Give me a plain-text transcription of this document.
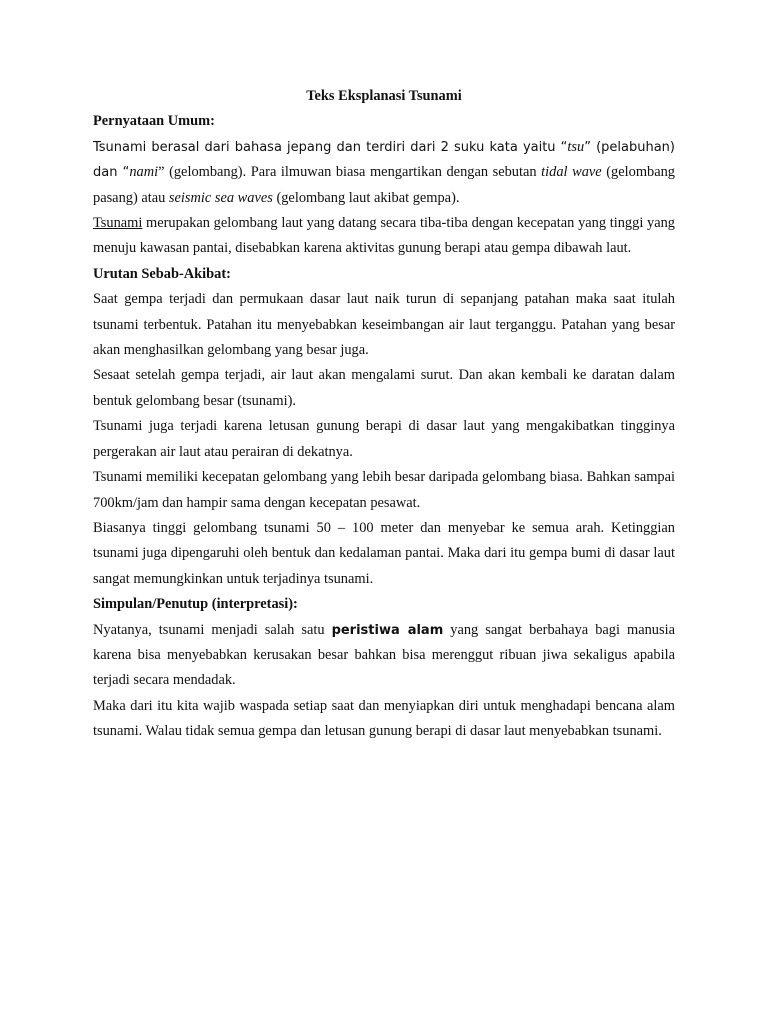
Teks Eksplanasi Tsunami

Pernyataan Umum:

Tsunami berasal dari bahasa jepang dan terdiri dari 2 suku kata yaitu “tsu” (pelabuhan) dan “nami” (gelombang). Para ilmuwan biasa mengartikan dengan sebutan tidal wave (gelombang pasang) atau seismic sea waves (gelombang laut akibat gempa).

Tsunami merupakan gelombang laut yang datang secara tiba-tiba dengan kecepatan yang tinggi yang menuju kawasan pantai, disebabkan karena aktivitas gunung berapi atau gempa dibawah laut.

Urutan Sebab-Akibat:

Saat gempa terjadi dan permukaan dasar laut naik turun di sepanjang patahan maka saat itulah tsunami terbentuk. Patahan itu menyebabkan keseimbangan air laut terganggu. Patahan yang besar akan menghasilkan gelombang yang besar juga.

Sesaat setelah gempa terjadi, air laut akan mengalami surut. Dan akan kembali ke daratan dalam bentuk gelombang besar (tsunami).

Tsunami juga terjadi karena letusan gunung berapi di dasar laut yang mengakibatkan tingginya pergerakan air laut atau perairan di dekatnya.

Tsunami memiliki kecepatan gelombang yang lebih besar daripada gelombang biasa. Bahkan sampai 700km/jam dan hampir sama dengan kecepatan pesawat.

Biasanya tinggi gelombang tsunami 50 – 100 meter dan menyebar ke semua arah. Ketinggian tsunami juga dipengaruhi oleh bentuk dan kedalaman pantai. Maka dari itu gempa bumi di dasar laut sangat memungkinkan untuk terjadinya tsunami.

Simpulan/Penutup (interpretasi):

Nyatanya, tsunami menjadi salah satu peristiwa alam yang sangat berbahaya bagi manusia karena bisa menyebabkan kerusakan besar bahkan bisa merenggut ribuan jiwa sekaligus apabila terjadi secara mendadak.

Maka dari itu kita wajib waspada setiap saat dan menyiapkan diri untuk menghadapi bencana alam tsunami. Walau tidak semua gempa dan letusan gunung berapi di dasar laut menyebabkan tsunami.
